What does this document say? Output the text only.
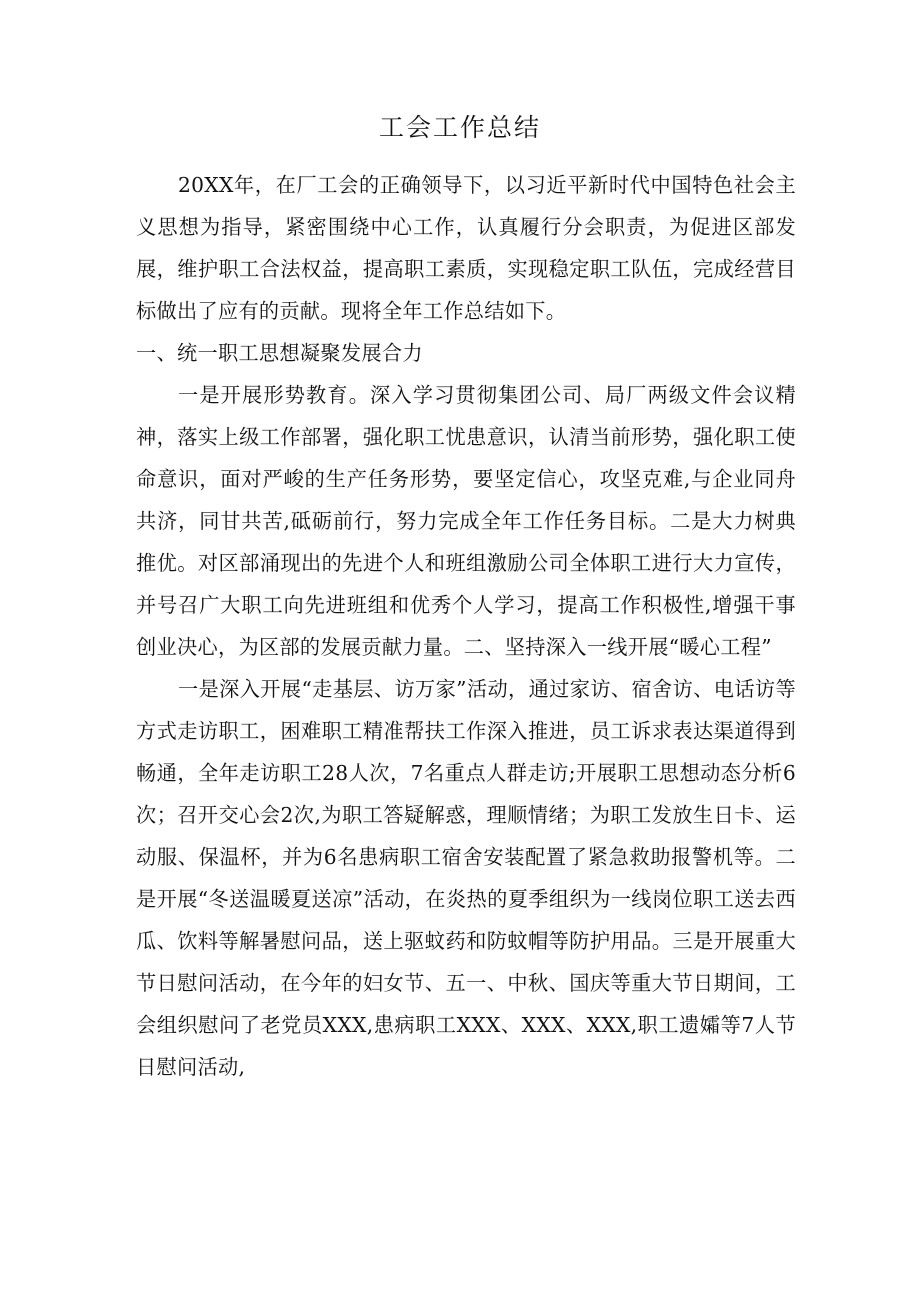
工会工作总结

20XX年，在厂工会的正确领导下，以习近平新时代中国特色社会主义思想为指导，紧密围绕中心工作，认真履行分会职责，为促进区部发展，维护职工合法权益，提高职工素质，实现稳定职工队伍，完成经营目标做出了应有的贡献。现将全年工作总结如下。

一、统一职工思想凝聚发展合力

一是开展形势教育。深入学习贯彻集团公司、局厂两级文件会议精神，落实上级工作部署，强化职工忧患意识，认清当前形势，强化职工使命意识，面对严峻的生产任务形势，要坚定信心，攻坚克难,与企业同舟共济，同甘共苦,砥砺前行，努力完成全年工作任务目标。二是大力树典推优。对区部涌现出的先进个人和班组激励公司全体职工进行大力宣传，并号召广大职工向先进班组和优秀个人学习，提高工作积极性,增强干事创业决心，为区部的发展贡献力量。二、坚持深入一线开展“暖心工程”

一是深入开展“走基层、访万家”活动，通过家访、宿舍访、电话访等方式走访职工，困难职工精准帮扶工作深入推进，员工诉求表达渠道得到畅通，全年走访职工28人次，7名重点人群走访;开展职工思想动态分析6次；召开交心会2次,为职工答疑解惑，理顺情绪；为职工发放生日卡、运动服、保温杯，并为6名患病职工宿舍安装配置了紧急救助报警机等。二是开展“冬送温暖夏送凉”活动，在炎热的夏季组织为一线岗位职工送去西瓜、饮料等解暑慰问品，送上驱蚊药和防蚊帽等防护用品。三是开展重大节日慰问活动，在今年的妇女节、五一、中秋、国庆等重大节日期间，工会组织慰问了老党员XXX,患病职工XXX、XXX、XXX,职工遗孀等7人节日慰问活动,
